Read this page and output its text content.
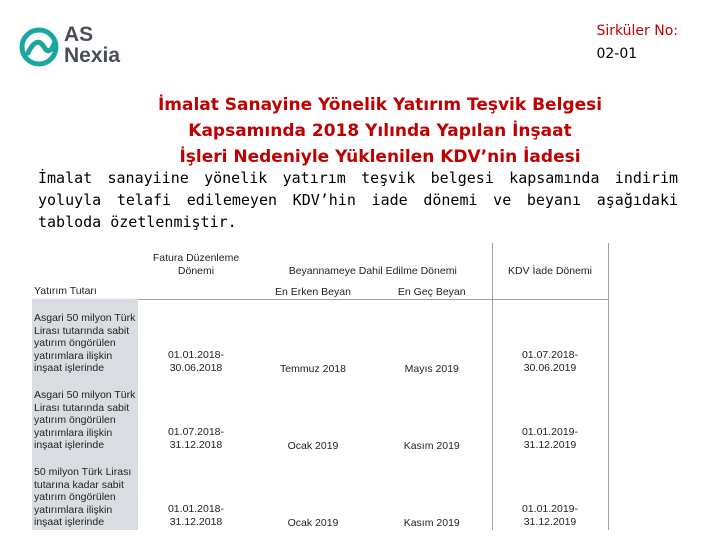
AS
Nexia
Sirküler No:
02-01
İmalat Sanayine Yönelik Yatırım Teşvik Belgesi
Kapsamında 2018 Yılında Yapılan İnşaat
İşleri Nedeniyle Yüklenilen KDV’nin İadesi

İmalat sanayiine yönelik yatırım teşvik belgesi kapsamında indirim yoluyla telafi edilemeyen KDV’hin iade dönemi ve beyanı aşağıdaki tabloda özetlenmiştir.

Yatırım Tutarı	Fatura Düzenleme Dönemi	Beyannameye Dahil Edilme Dönemi		KDV İade Dönemi
		En Erken Beyan	En Geç Beyan	
Asgari 50 milyon Türk Lirası tutarında sabit yatırım öngörülen yatırımlara ilişkin inşaat işlerinde	01.01.2018-
30.06.2018	Temmuz 2018	Mayıs 2019	01.07.2018-
30.06.2019

Asgari 50 milyon Türk Lirası tutarında sabit yatırım öngörülen yatırımlara ilişkin inşaat işlerinde	01.07.2018-
31.12.2018	Ocak 2019	Kasım 2019	01.01.2019-
31.12.2019

50 milyon Türk Lirası tutarına kadar sabit yatırım öngörülen yatırımlara ilişkin inşaat işlerinde	01.01.2018-
31.12.2018	Ocak 2019	Kasım 2019	01.01.2019-
31.12.2019
